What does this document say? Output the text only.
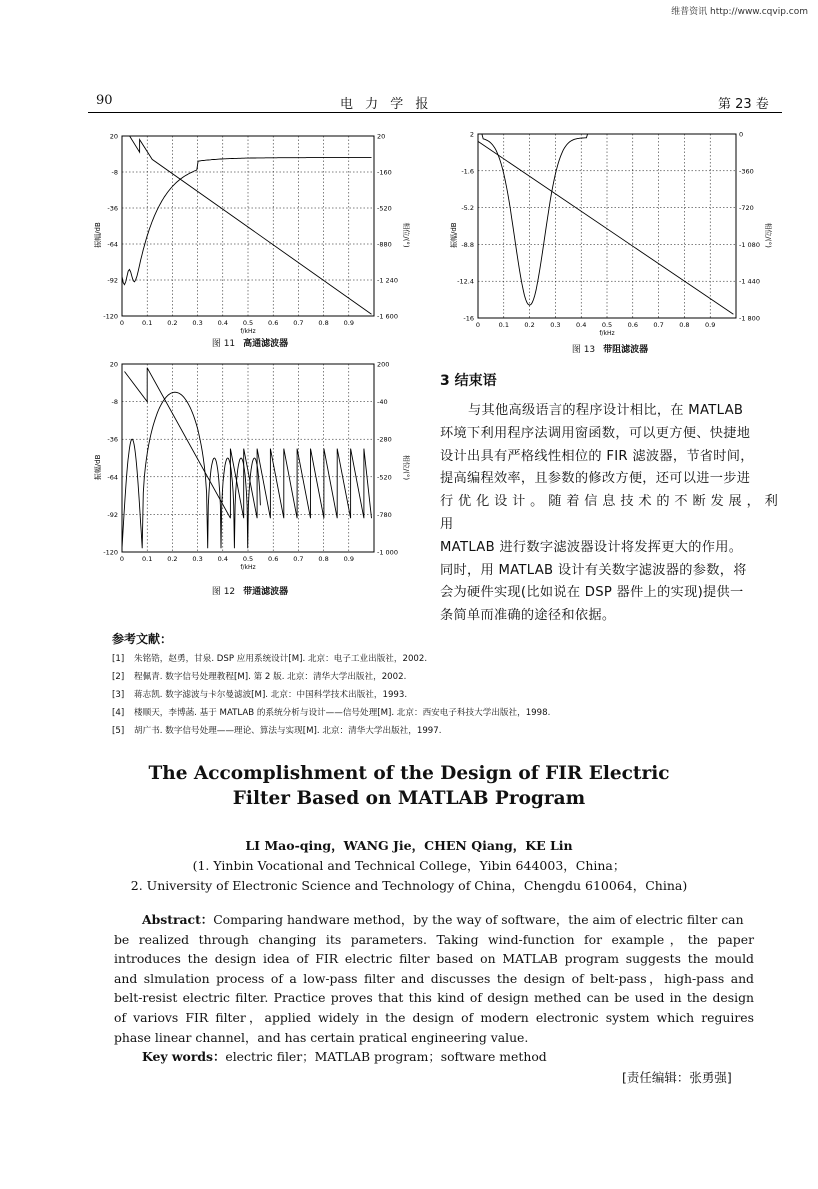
维普资讯 http://www.cqvip.com
90	电 力 学 报	第 23 卷
20
-8
-36
-64
-92
-120
20
-160
-520
-880
-1 240
-1 600
0	0.1 0.2 0.3 0.4 0.5 0.6 0.7 0.8 0.9
f/kHz
振幅/dB	相位/(°)
图 11 高通滤波器
20
-8
-36
-64
-92
-120
200
-40
-280
-520
-780
-1 000
0	0.1 0.2 0.3 0.4 0.5 0.6 0.7 0.8 0.9
f/kHz
振幅/dB	相位/(°)
图 12 带通滤波器
2
-1.6
-5.2
-8.8
-12.4
-16
0
-360
-720
-1 080
-1 440
-1 800
0	0.1 0.2 0.3 0.4 0.5 0.6 0.7 0.8 0.9
f/kHz
振幅/dB	相位/(°)
图 13 带阻滤波器
3 结束语
与其他高级语言的程序设计相比，在 MATLAB
环境下利用程序法调用窗函数，可以更方便、快捷地
设计出具有严格线性相位的 FIR 滤波器，节省时间，
提高编程效率，且参数的修改方便，还可以进一步进
行优化设计。随着信息技术的不断发展，利用
MATLAB 进行数字滤波器设计将发挥更大的作用。
同时，用 MATLAB 设计有关数字滤波器的参数，将
会为硬件实现(比如说在 DSP 器件上的实现)提供一
条简单而准确的途径和依据。
参考文献：
[1] 朱铭锆，赵勇，甘泉. DSP 应用系统设计[M]. 北京：电子工业出版社，2002.
[2] 程佩青. 数字信号处理教程[M]. 第 2 版. 北京：清华大学出版社，2002.
[3] 蒋志凯. 数字滤波与卡尔曼滤波[M]. 北京：中国科学技术出版社，1993.
[4] 楼顺天，李博菡. 基于 MATLAB 的系统分析与设计——信号处理[M]. 北京：西安电子科技大学出版社，1998.
[5] 胡广书. 数字信号处理——理论、算法与实现[M]. 北京：清华大学出版社，1997.
The Accomplishment of the Design of FIR Electric
Filter Based on MATLAB Program
LI Mao-qing，WANG Jie，CHEN Qiang，KE Lin
(1. Yinbin Vocational and Technical College，Yibin 644003，China；
2. University of Electronic Science and Technology of China，Chengdu 610064，China)
Abstract：Comparing handware method，by the way of software，the aim of electric filter can
be realized through changing its parameters. Taking wind-function for example，the paper
introduces the design idea of FIR electric filter based on MATLAB program suggests the mould
and slmulation process of a low-pass filter and discusses the design of belt-pass，high-pass and
belt-resist electric filter. Practice proves that this kind of design methed can be used in the design
of variovs FIR filter，applied widely in the design of modern electronic system which reguires
phase linear channel，and has certain pratical engineering value.
Key words：electric filer；MATLAB program；software method
[责任编辑：张勇强]
